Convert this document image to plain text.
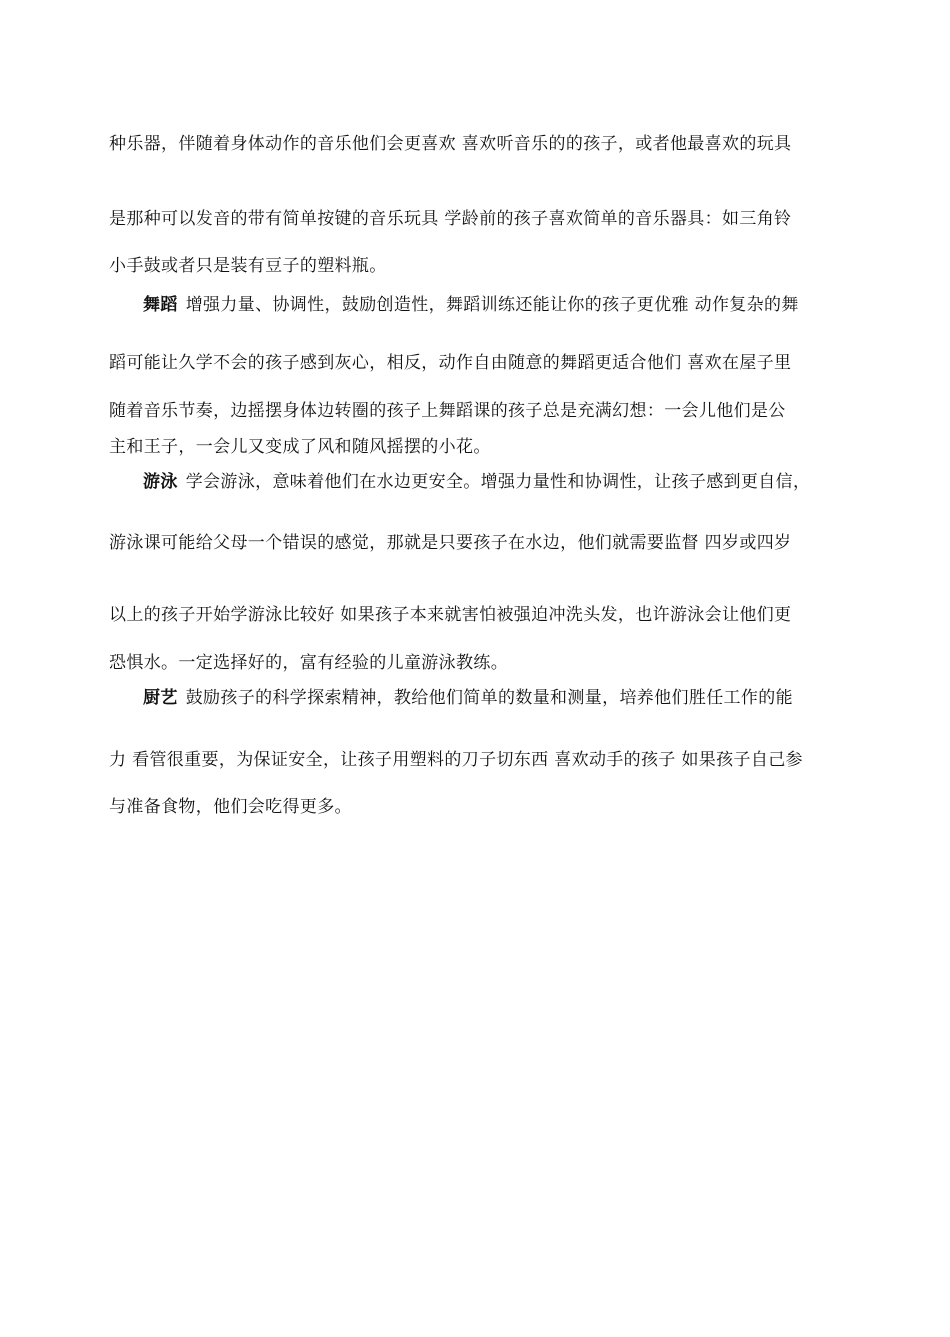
种乐器，伴随着身体动作的音乐他们会更喜欢 喜欢听音乐的的孩子，或者他最喜欢的玩具
是那种可以发音的带有简单按键的音乐玩具 学龄前的孩子喜欢简单的音乐器具：如三角铃
小手鼓或者只是装有豆子的塑料瓶。
舞蹈 增强力量、协调性，鼓励创造性，舞蹈训练还能让你的孩子更优雅 动作复杂的舞
蹈可能让久学不会的孩子感到灰心，相反，动作自由随意的舞蹈更适合他们 喜欢在屋子里
随着音乐节奏，边摇摆身体边转圈的孩子上舞蹈课的孩子总是充满幻想：一会儿他们是公
主和王子，一会儿又变成了风和随风摇摆的小花。
游泳 学会游泳，意味着他们在水边更安全。增强力量性和协调性，让孩子感到更自信，
游泳课可能给父母一个错误的感觉，那就是只要孩子在水边，他们就需要监督 四岁或四岁
以上的孩子开始学游泳比较好 如果孩子本来就害怕被强迫冲洗头发，也许游泳会让他们更
恐惧水。一定选择好的，富有经验的儿童游泳教练。
厨艺 鼓励孩子的科学探索精神，教给他们简单的数量和测量，培养他们胜任工作的能
力 看管很重要，为保证安全，让孩子用塑料的刀子切东西 喜欢动手的孩子 如果孩子自己参
与准备食物，他们会吃得更多。
